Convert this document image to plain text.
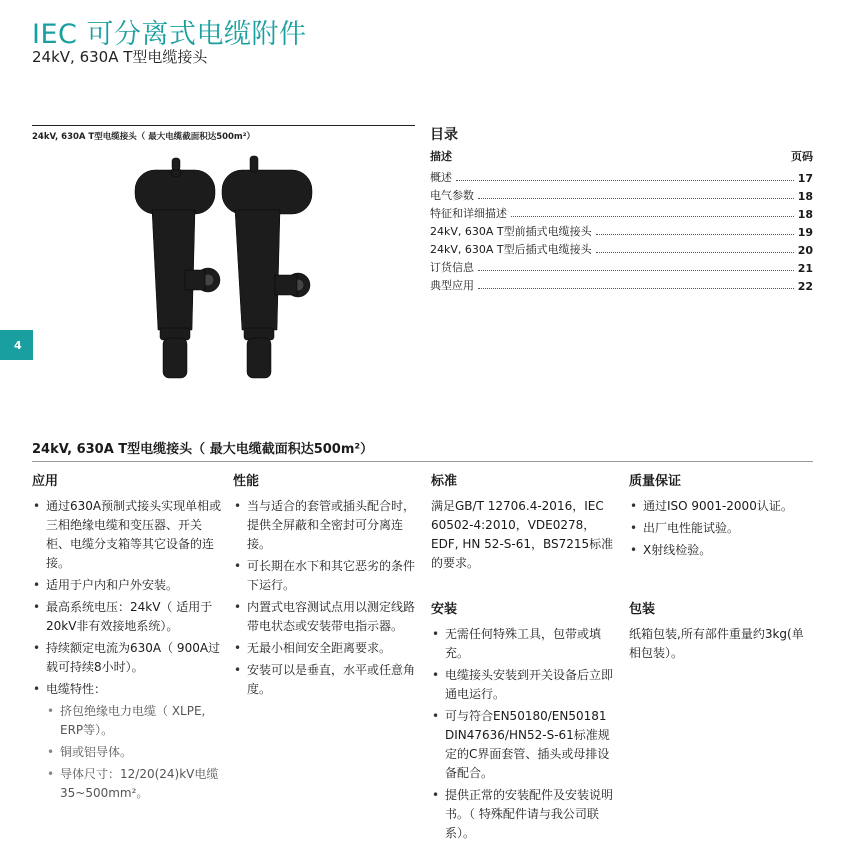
IEC 可分离式电缆附件
24kV, 630A T型电缆接头
24kV, 630A T型电缆接头（ 最大电缆截面积达500m²）
4
目录
描述	页码
概述	17
电气参数	18
特征和详细描述	18
24kV, 630A T型前插式电缆接头	19
24kV, 630A T型后插式电缆接头	20
订货信息	21
典型应用	22
24kV, 630A T型电缆接头（ 最大电缆截面积达500m²）
应用
• 通过630A预制式接头实现单相或三相绝缘电缆和变压器、开关柜、电缆分支箱等其它设备的连接。
• 适用于户内和户外安装。
• 最高系统电压：24kV（ 适用于20kV非有效接地系统）。
• 持续额定电流为630A（ 900A过载可持续8小时）。
• 电缆特性：
• 挤包绝缘电力电缆（ XLPE, ERP等）。
• 铜或铝导体。
• 导体尺寸：12/20(24)kV电缆 35~500mm²。
性能
• 当与适合的套管或插头配合时，提供全屏蔽和全密封可分离连接。
• 可长期在水下和其它恶劣的条件下运行。
• 内置式电容测试点用以测定线路带电状态或安装带电指示器。
• 无最小相间安全距离要求。
• 安装可以是垂直，水平或任意角度。
标准

满足GB/T 12706.4-2016，IEC 60502-4:2010，VDE0278，EDF, HN 52-S-61，BS7215标准的要求。

安装
• 无需任何特殊工具，包带或填充。
• 电缆接头安装到开关设备后立即通电运行。
• 可与符合EN50180/EN50181 DIN47636/HN52-S-61标准规定的C界面套管、插头或母排设备配合。
• 提供正常的安装配件及安装说明书。（ 特殊配件请与我公司联系）。
质量保证
• 通过ISO 9001-2000认证。
• 出厂电性能试验。
• X射线检验。
包装

纸箱包装,所有部件重量约3kg(单相包装）。
